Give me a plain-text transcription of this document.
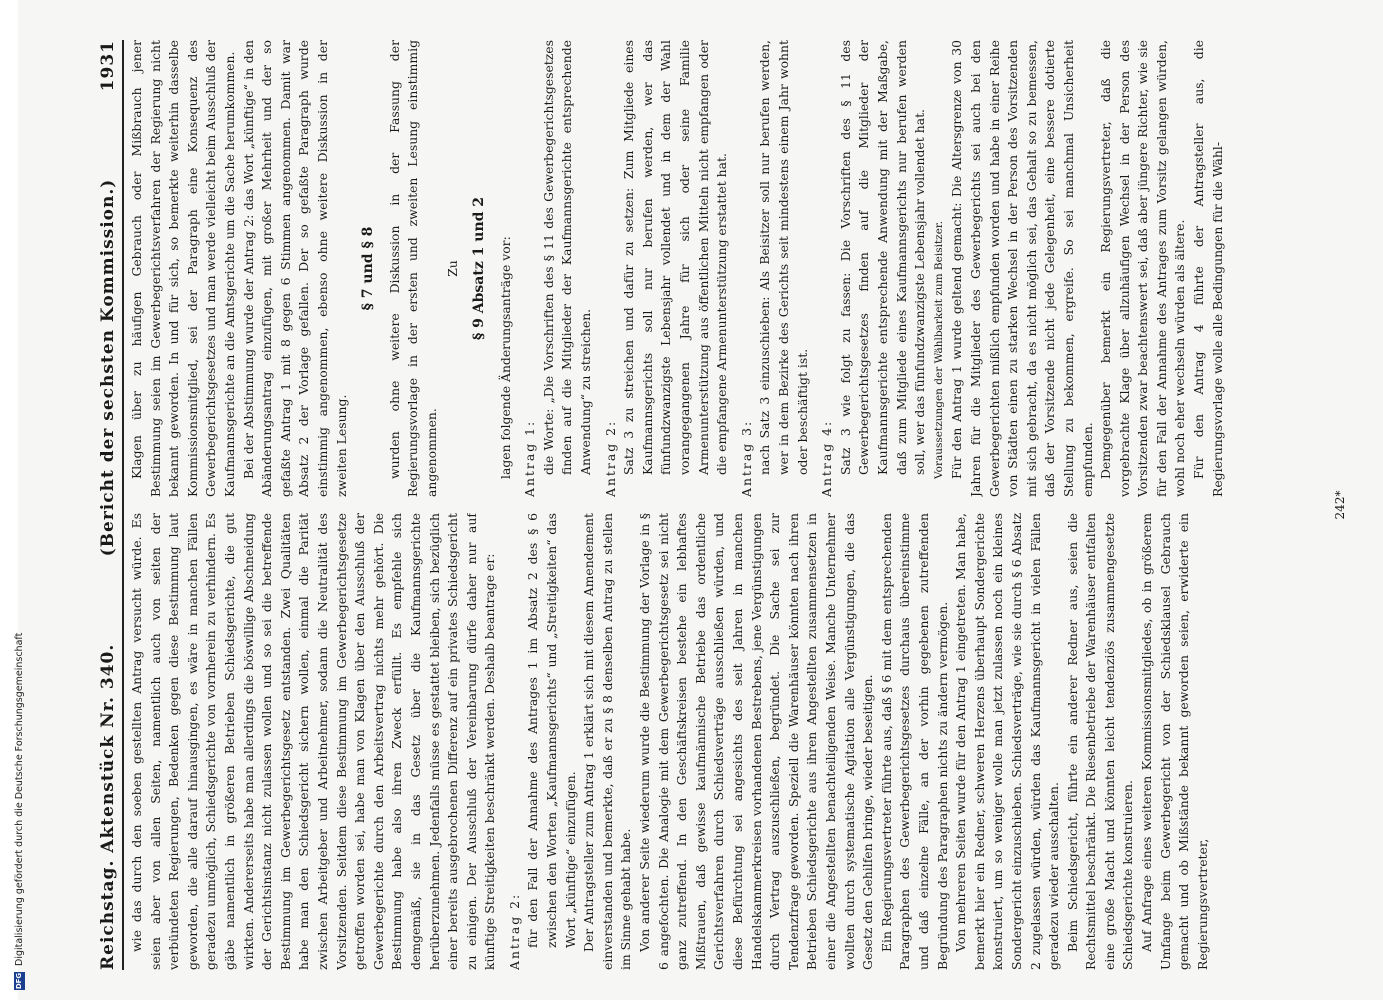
Reichstag. Aktenstück Nr. 340.
(Bericht der sechsten Kommission.)
1931

wie das durch den soeben gestellten Antrag versucht würde. Es seien aber von allen Seiten, namentlich auch von seiten der verbündeten Regierungen, Bedenken gegen diese Bestimmung laut geworden, die alle darauf hinausgingen, es wäre in manchen Fällen geradezu unmöglich, Schiedsgerichte von vornherein zu verhindern. Es gäbe namentlich in größeren Betrieben Schiedsgerichte, die gut wirkten. Andererseits habe man allerdings die böswillige Abschneidung der Gerichtsinstanz nicht zulassen wollen und so sei die betreffende Bestimmung im Gewerbegerichtsgesetz entstanden. Zwei Qualitäten habe man den Schiedsgericht sichern wollen, einmal die Parität zwischen Arbeitgeber und Arbeitnehmer, sodann die Neutralität des Vorsitzenden. Seitdem diese Bestimmung im Gewerbegerichtsgesetze getroffen worden sei, habe man von Klagen über den Ausschluß der Gewerbegerichte durch den Arbeitsvertrag nichts mehr gehört. Die Bestimmung habe also ihren Zweck erfüllt. Es empfehle sich demgemäß, sie in das Gesetz über die Kaufmannsgerichte herüberzunehmen. Jedenfalls müsse es gestattet bleiben, sich bezüglich einer bereits ausgebrochenen Differenz auf ein privates Schiedsgericht zu einigen. Der Ausschluß der Vereinbarung dürfe daher nur auf künftige Streitigkeiten beschränkt werden. Deshalb beantrage er: Antrag 2: für den Fall der Annahme des Antrages 1 im Absatz 2 des § 6 zwischen den Worten „Kaufmannsgerichts“ und „Streitigkeiten“ das Wort „künftige“ einzufügen. Der Antragsteller zum Antrag 1 erklärt sich mit diesem Amendement einverstanden und bemerkte, daß er zu § 8 denselben Antrag zu stellen im Sinne gehabt habe. Von anderer Seite wiederum wurde die Bestimmung der Vorlage in § 6 angefochten. Die Analogie mit dem Gewerbegerichtsgesetz sei nicht ganz zutreffend. In den Geschäftskreisen bestehe ein lebhaftes Mißtrauen, daß gewisse kaufmännische Betriebe das ordentliche Gerichtsverfahren durch Schiedsverträge ausschließen würden, und diese Befürchtung sei angesichts des seit Jahren in manchen Handelskammerkreisen vorhandenen Bestrebens, jene Vergünstigungen durch Vertrag auszuschließen, begründet. Die Sache sei zur Tendenzfrage geworden. Speziell die Warenhäuser könnten nach ihren Betrieben Schiedsgerichte aus ihren Angestellten zusammensetzen in einer die Angestellten benachteiligenden Weise. Manche Unternehmer wollten durch systematische Agitation alle Vergünstigungen, die das Gesetz den Gehilfen bringe, wieder beseitigen. Ein Regierungsvertreter führte aus, daß § 6 mit dem entsprechenden Paragraphen des Gewerbegerichtsgesetzes durchaus übereinstimme und daß einzelne Fälle, an der vorhin gegebenen zutreffenden Begründung des Paragraphen nichts zu ändern vermögen. Von mehreren Seiten wurde für den Antrag 1 eingetreten. Man habe, bemerkt hier ein Redner, schweren Herzens überhaupt Sondergerichte konstruiert, um so weniger wolle man jetzt zulassen noch ein kleines Sondergericht einzuschieben. Schiedsverträge, wie sie durch § 6 Absatz 2 zugelassen würden, würden das Kaufmannsgericht in vielen Fällen geradezu wieder ausschalten. Beim Schiedsgericht, führte ein anderer Redner aus, seien die Rechtsmittel beschränkt. Die Riesenbetriebe der Warenhäuser entfalten eine große Macht und könnten leicht tendenziös zusammengesetzte Schiedsgerichte konstruieren. Auf Anfrage eines weiteren Kommissionsmitgliedes, ob in größerem Umfange beim Gewerbegericht von der Schiedsklausel Gebrauch gemacht und ob Mißstände bekannt geworden seien, erwiderte ein Regierungsvertreter,

Klagen über zu häufigen Gebrauch oder Mißbrauch jener Bestimmung seien im Gewerbegerichtsverfahren der Regierung nicht bekannt geworden. In und für sich, so bemerkte weiterhin dasselbe Kommissionsmitglied, sei der Paragraph eine Konsequenz des Gewerbegerichtsgesetzes und man werde vielleicht beim Ausschluß der Kaufmannsgerichte an die Amtsgerichte um die Sache herumkommen. Bei der Abstimmung wurde der Antrag 2: das Wort „künftige“ in den Abänderungsantrag einzufügen, mit großer Mehrheit und der so gefaßte Antrag 1 mit 8 gegen 6 Stimmen angenommen. Damit war Absatz 2 der Vorlage gefallen. Der so gefaßte Paragraph wurde einstimmig angenommen, ebenso ohne weitere Diskussion in der zweiten Lesung.

§ 7 und § 8 wurden ohne weitere Diskussion in der Fassung der Regierungsvorlage in der ersten und zweiten Lesung einstimmig angenommen.

Zu § 9 Absatz 1 und 2 lagen folgende Änderungsanträge vor: Antrag 1: die Worte: „Die Vorschriften des § 11 des Gewerbegerichtsgesetzes finden auf die Mitglieder der Kaufmannsgerichte entsprechende Anwendung“ zu streichen. Antrag 2: Satz 3 zu streichen und dafür zu setzen: Zum Mitgliede eines Kaufmannsgerichts soll nur berufen werden, wer das fünfundzwanzigste Lebensjahr vollendet und in dem der Wahl vorangegangenen Jahre für sich oder seine Familie Armenunterstützung aus öffentlichen Mitteln nicht empfangen oder die empfangene Armenunterstützung erstattet hat. Antrag 3: nach Satz 3 einzuschieben: Als Beisitzer soll nur berufen werden, wer in dem Bezirke des Gerichts seit mindestens einem Jahr wohnt oder beschäftigt ist. Antrag 4: Satz 3 wie folgt zu fassen: Die Vorschriften des § 11 des Gewerbegerichtsgesetzes finden auf die Mitglieder der Kaufmannsgerichte entsprechende Anwendung mit der Maßgabe, daß zum Mitgliede eines Kaufmannsgerichts nur berufen werden soll, wer das fünfundzwanzigste Lebensjahr vollendet hat. Voraussetzungen der Wählbarkeit zum Beisitzer. Für den Antrag 1 wurde geltend gemacht: Die Altersgrenze von 30 Jahren für die Mitglieder des Gewerbegerichts sei auch bei den Gewerbegerichten mißlich empfunden worden und habe in einer Reihe von Städten einen zu starken Wechsel in der Person des Vorsitzenden mit sich gebracht, da es nicht möglich sei, das Gehalt so zu bemessen, daß der Vorsitzende nicht jede Gelegenheit, eine bessere dotierte Stellung zu bekommen, ergreife. So sei manchmal Unsicherheit empfunden. Demgegenüber bemerkt ein Regierungsvertreter, daß die vorgebrachte Klage über allzuhäufigen Wechsel in der Person des Vorsitzenden zwar beachtenswert sei, daß aber jüngere Richter, wie sie für den Fall der Annahme des Antrages zum Vorsitz gelangen würden, wohl noch eher wechseln würden als ältere. Für den Antrag 4 führte der Antragsteller aus, die Regierungsvorlage wolle alle Bedingungen für die Wähl-

242*
DFG
Digitalisierung gefördert durch die Deutsche Forschungsgemeinschaft
